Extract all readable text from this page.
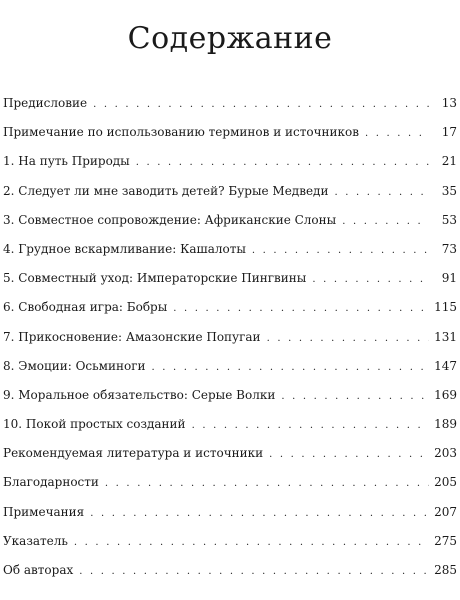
Содержание
Предисловие . . .	13
Примечание по использованию терминов и источников . . .	17
1. На путь Природы . . .	21
2. Следует ли мне заводить детей? Бурые Медведи . . .	35
3. Совместное сопровождение: Африканские Слоны . . .	53
4. Грудное вскармливание: Кашалоты . . .	73
5. Совместный уход: Императорские Пингвины . . .	91
6. Свободная игра: Бобры . . .	115
7. Прикосновение: Амазонские Попугаи . . .	131
8. Эмоции: Осьминоги . . .	147
9. Моральное обязательство: Серые Волки . . .	169
10. Покой простых созданий . . .	189
Рекомендуемая литература и источники . . .	203
Благодарности . . .	205
Примечания . . .	207
Указатель . . .	275
Об авторах . . .	285
